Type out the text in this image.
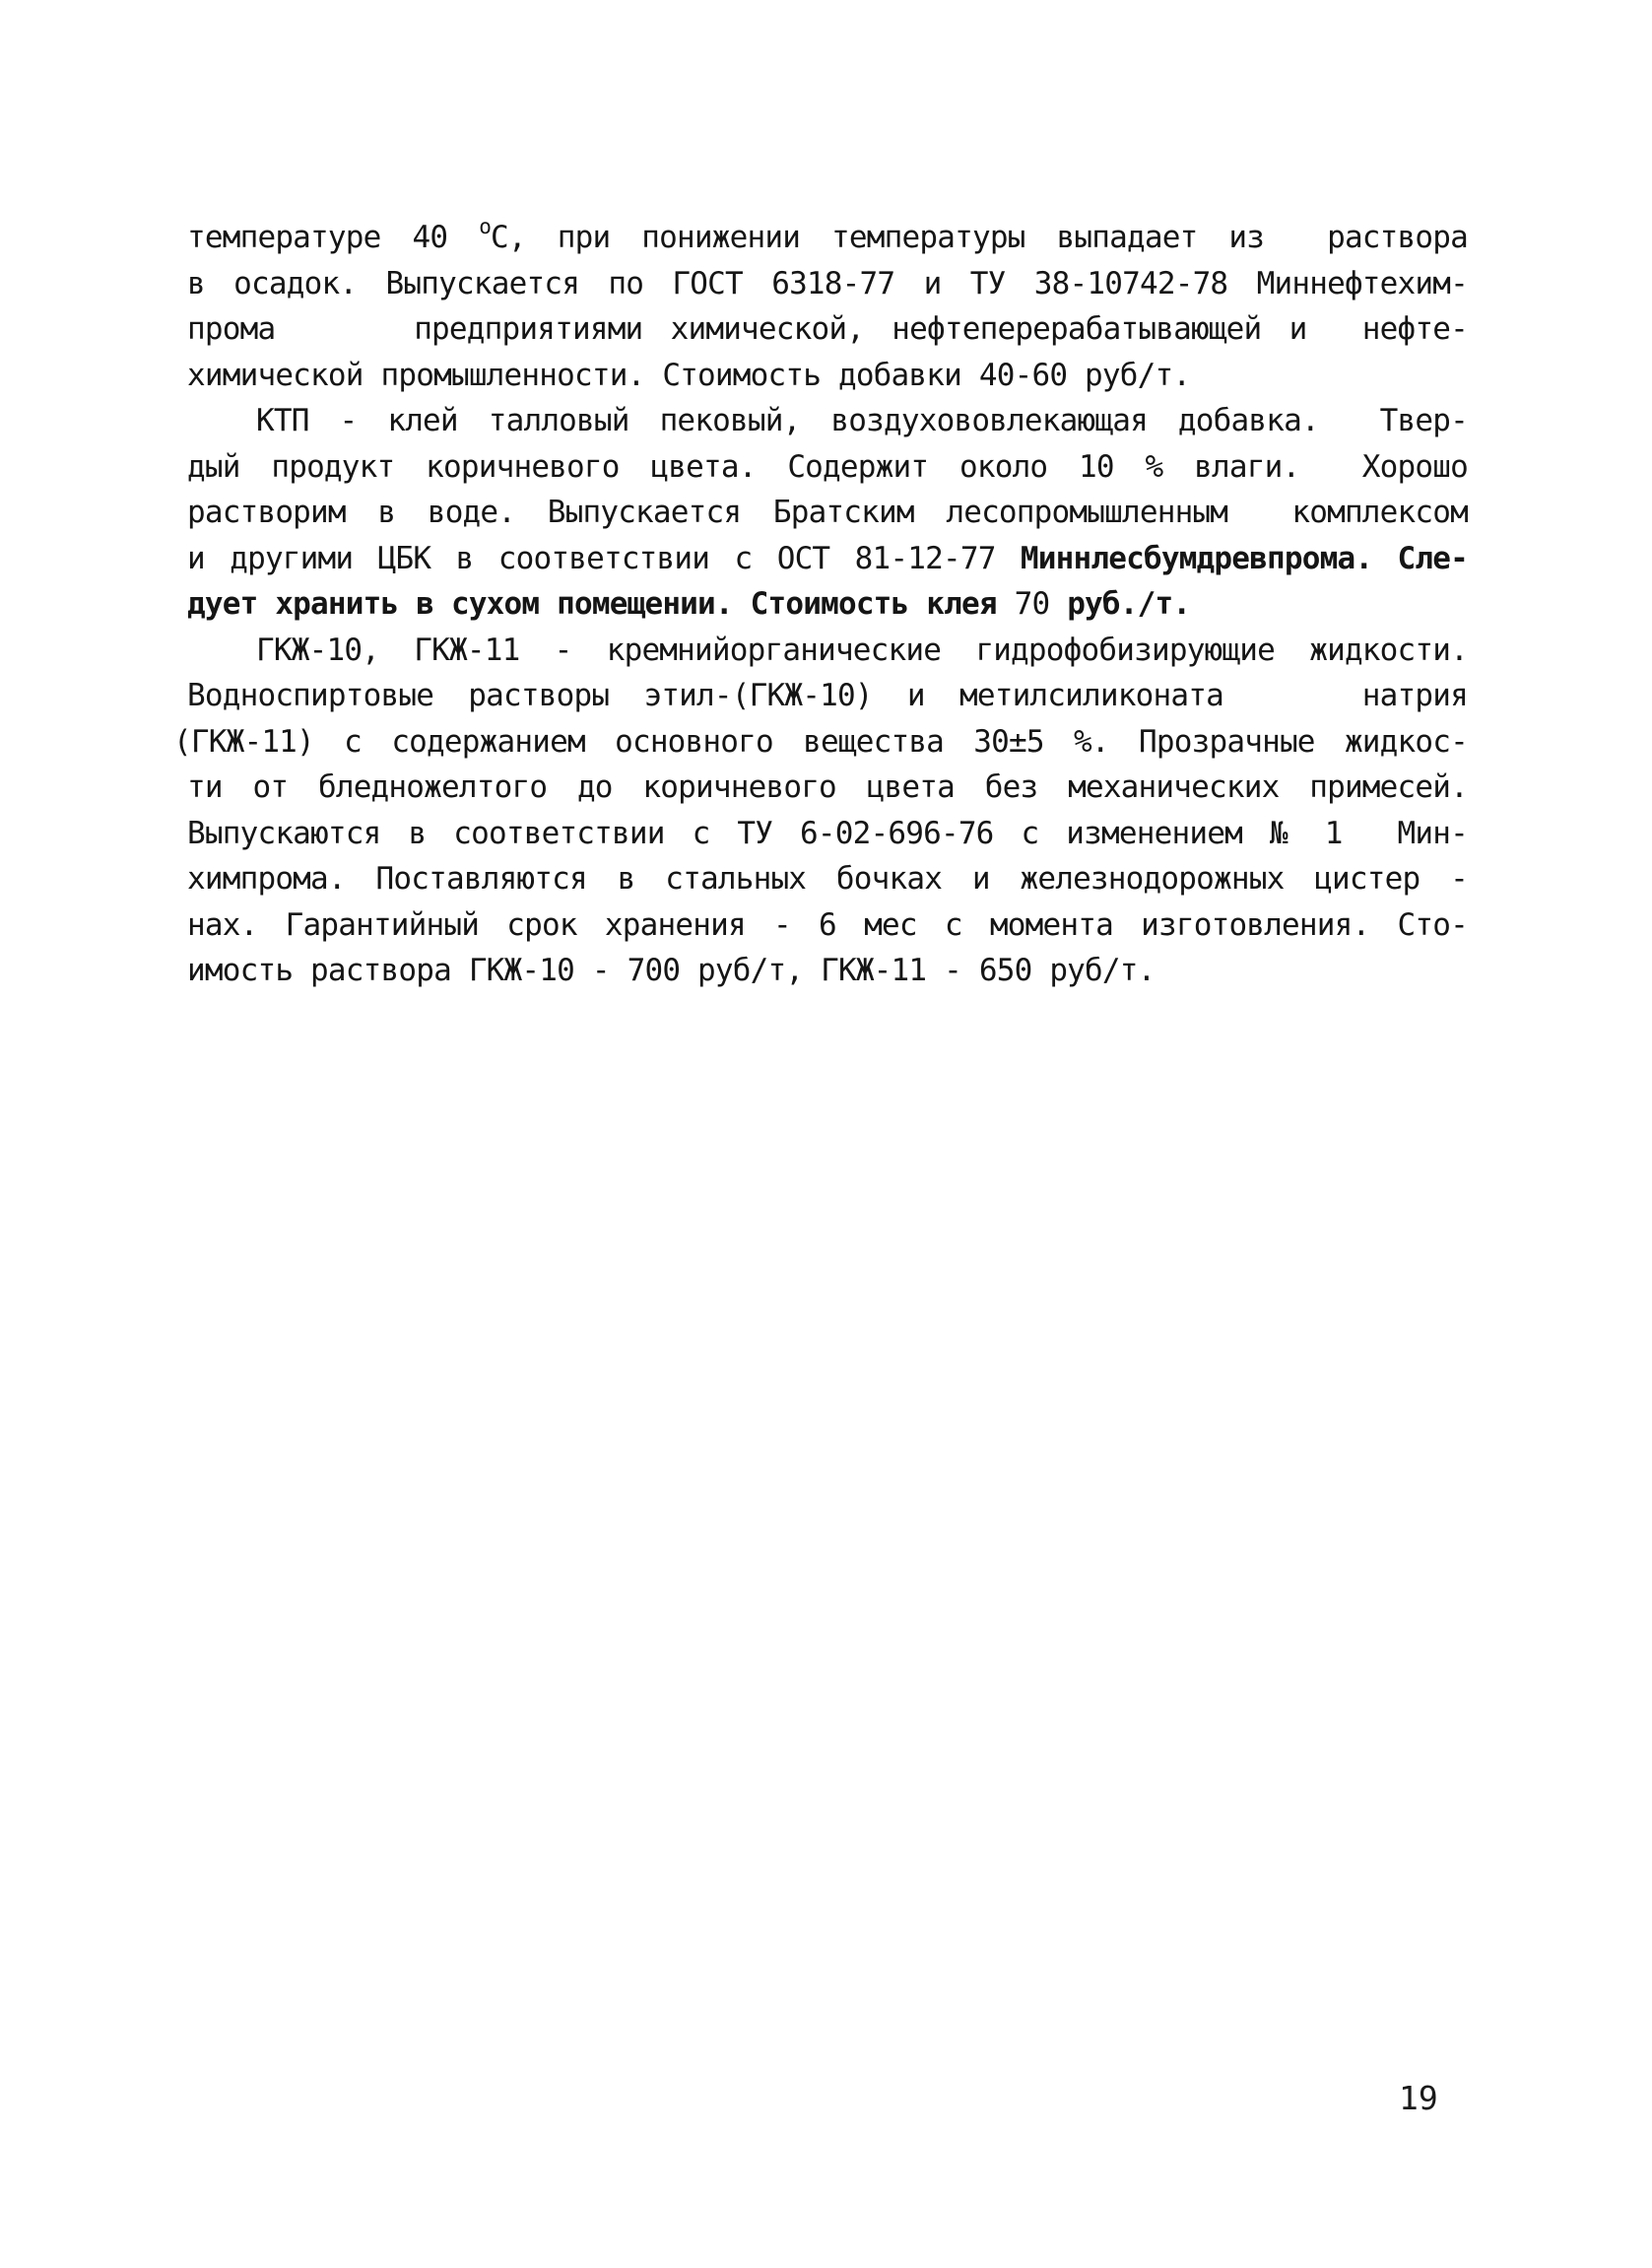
температуре 40 $^о$С, при понижении температуры выпадает из  раствора
в осадок. Выпускается по ГОСТ 6318-77 и ТУ 38-10742-78 Миннефтехим-
прома     предприятиями химической, нефтеперерабатывающей и  нефте-
химической промышленности. Стоимость добавки 40-60 руб/т.
КТП - клей талловый пековый, воздухововлекающая добавка.  Твер-
дый продукт коричневого цвета. Содержит около 10 % влаги.  Хорошо
растворим в воде. Выпускается Братским лесопромышленным  комплексом
и другими ЦБК в соответствии с ОСТ 81-12-77 Миннлесбумдревпрома. Сле-
дует хранить в сухом помещении. Стоимость клея 70 руб./т.
ГКЖ-10, ГКЖ-11 - кремнийорганические гидрофобизирующие жидкости.
Водноспиртовые растворы этил-(ГКЖ-10) и метилсиликоната    натрия
(ГКЖ-11) с содержанием основного вещества 30±5 %. Прозрачные жидкос-
ти от бледножелтого до коричневого цвета без механических примесей.
Выпускаются в соответствии с ТУ 6-02-696-76 с изменением № 1  Мин-
химпрома. Поставляются в стальных бочках и железнодорожных цистер -
нах. Гарантийный срок хранения - 6 мес с момента изготовления. Сто-
имость раствора ГКЖ-10 - 700 руб/т, ГКЖ-11 - 650 руб/т.
19
